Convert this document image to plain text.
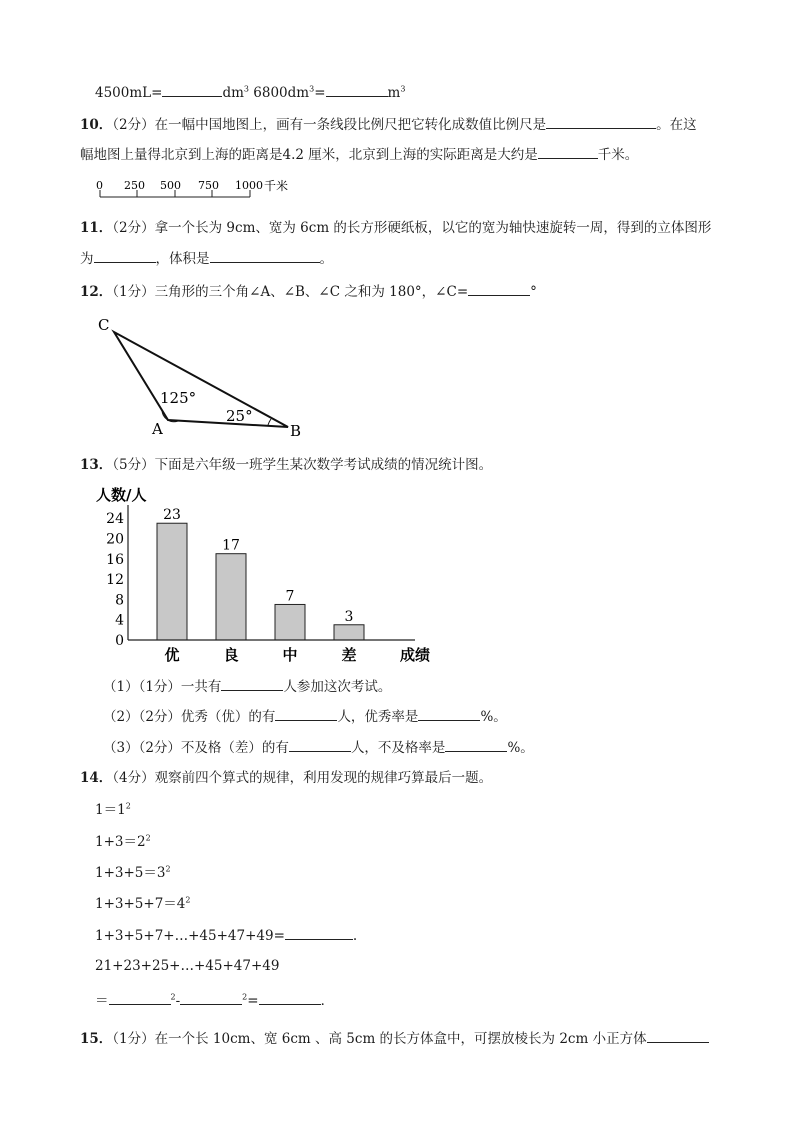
4500mL=	$dm^3$ $6800dm^3=$	$m^3$
10．（2分）在一幅中国地图上，画有一条线段比例尺把它转化成数值比例尺是	。在这
幅地图上量得北京到上海的距离是4.2 厘米，北京到上海的实际距离是大约是	千米。
0 250 500 750 1000 千米
11．（2分）拿一个长为 9cm、宽为 6cm 的长方形硬纸板，以它的宽为轴快速旋转一周，得到的立体图形
为	，体积是	。
12．（1分）三角形的三个角∠A、∠B、∠C 之和为 180°，∠C=	°
C
A	B
125°
25°
13．（5分）下面是六年级一班学生某次数学考试成绩的情况统计图。
人数/人
0
4
8
12
16
20
24	23
优
17
良
7
中
3
差	成绩
（1）（1分）一共有	人参加这次考试。
（2）（2分）优秀（优）的有	人，优秀率是	%。
（3）（2分）不及格（差）的有	人，不及格率是	%。
14．（4分）观察前四个算式的规律，利用发现的规律巧算最后一题。
$1=1^2$
$1+3=2^2$
$1+3+5=3^2$
$1+3+5+7=4^2$
1+3+5+7+…+45+47+49=	.
21+23+25+…+45+47+49
＝	$^2$-	$^2$=	．
15．（1分）在一个长 10cm、宽 6cm 、高 5cm 的长方体盒中，可摆放棱长为 2cm 小正方体
